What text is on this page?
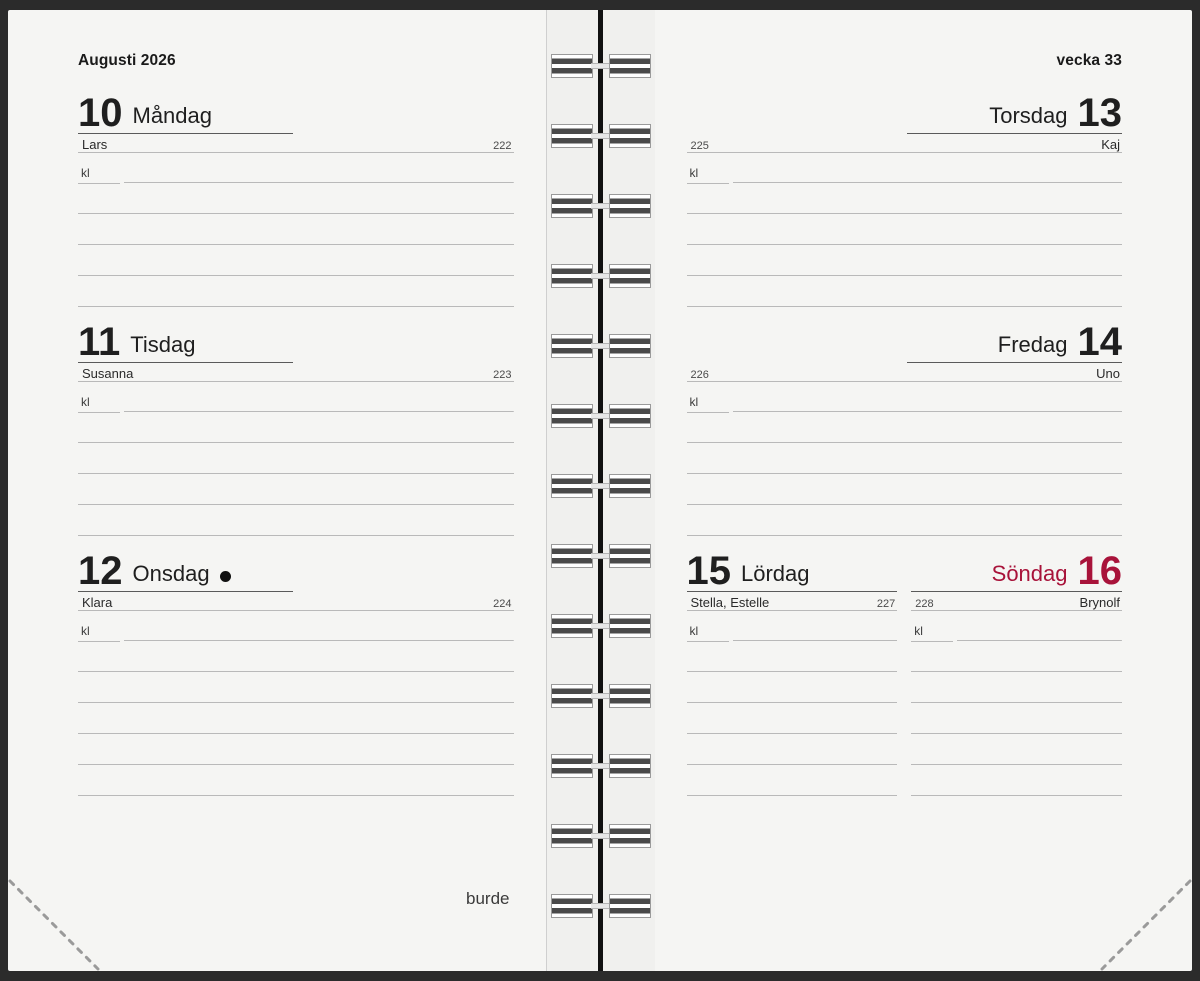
Augusti 2026
10 Måndag
Lars	222
kl
11 Tisdag
Susanna	223
kl
12 Onsdag
Klara	224
kl
burde
vecka 33
Torsdag 13
225	Kaj
kl
Fredag 14
226	Uno
kl
15 Lördag
Stella, Estelle	227
kl
Söndag 16
228	Brynolf
kl
